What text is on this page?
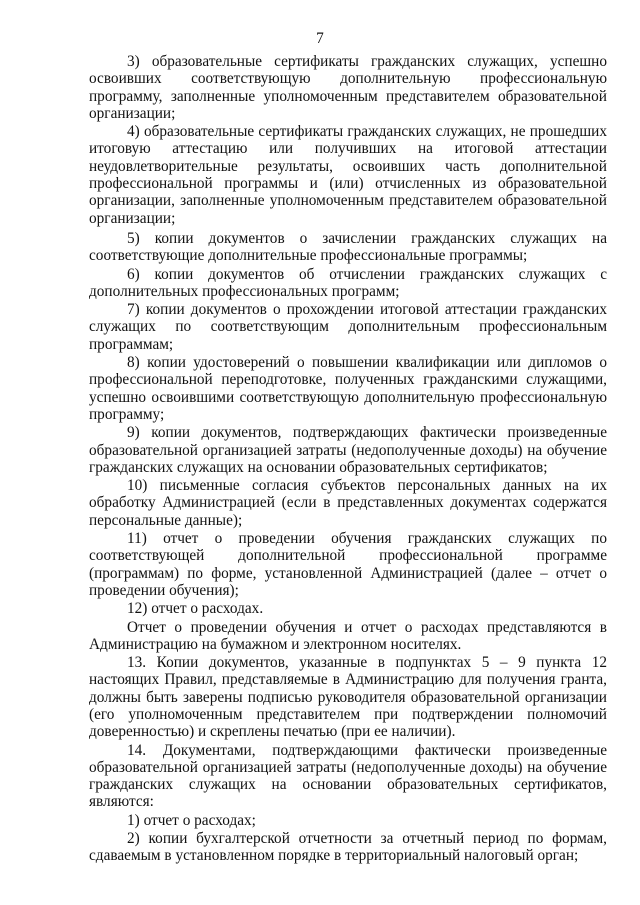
7

3) образовательные сертификаты гражданских служащих, успешно освоивших соответствующую дополнительную профессиональную программу, заполненные уполномоченным представителем образовательной организации;

4) образовательные сертификаты гражданских служащих, не прошедших итоговую аттестацию или получивших на итоговой аттестации неудовлетворительные результаты, освоивших часть дополнительной профессиональной программы и (или) отчисленных из образовательной организации, заполненные уполномоченным представителем образовательной организации;

5) копии документов о зачислении гражданских служащих на соответствующие дополнительные профессиональные программы;

6) копии документов об отчислении гражданских служащих с дополнительных профессиональных программ;

7) копии документов о прохождении итоговой аттестации гражданских служащих по соответствующим дополнительным профессиональным программам;

8) копии удостоверений о повышении квалификации или дипломов о профессиональной переподготовке, полученных гражданскими служащими, успешно освоившими соответствующую дополнительную профессиональную программу;

9) копии документов, подтверждающих фактически произведенные образовательной организацией затраты (недополученные доходы) на обучение гражданских служащих на основании образовательных сертификатов;

10) письменные согласия субъектов персональных данных на их обработку Администрацией (если в представленных документах содержатся персональные данные);

11) отчет о проведении обучения гражданских служащих по соответствующей дополнительной профессиональной программе (программам) по форме, установленной Администрацией (далее – отчет о проведении обучения);

12) отчет о расходах.

Отчет о проведении обучения и отчет о расходах представляются в Администрацию на бумажном и электронном носителях.

13. Копии документов, указанные в подпунктах 5 – 9 пункта 12 настоящих Правил, представляемые в Администрацию для получения гранта, должны быть заверены подписью руководителя образовательной организации (его уполномоченным представителем при подтверждении полномочий доверенностью) и скреплены печатью (при ее наличии).

14. Документами, подтверждающими фактически произведенные образовательной организацией затраты (недополученные доходы) на обучение гражданских служащих на основании образовательных сертификатов, являются:

1) отчет о расходах;

2) копии бухгалтерской отчетности за отчетный период по формам, сдаваемым в установленном порядке в территориальный налоговый орган;
